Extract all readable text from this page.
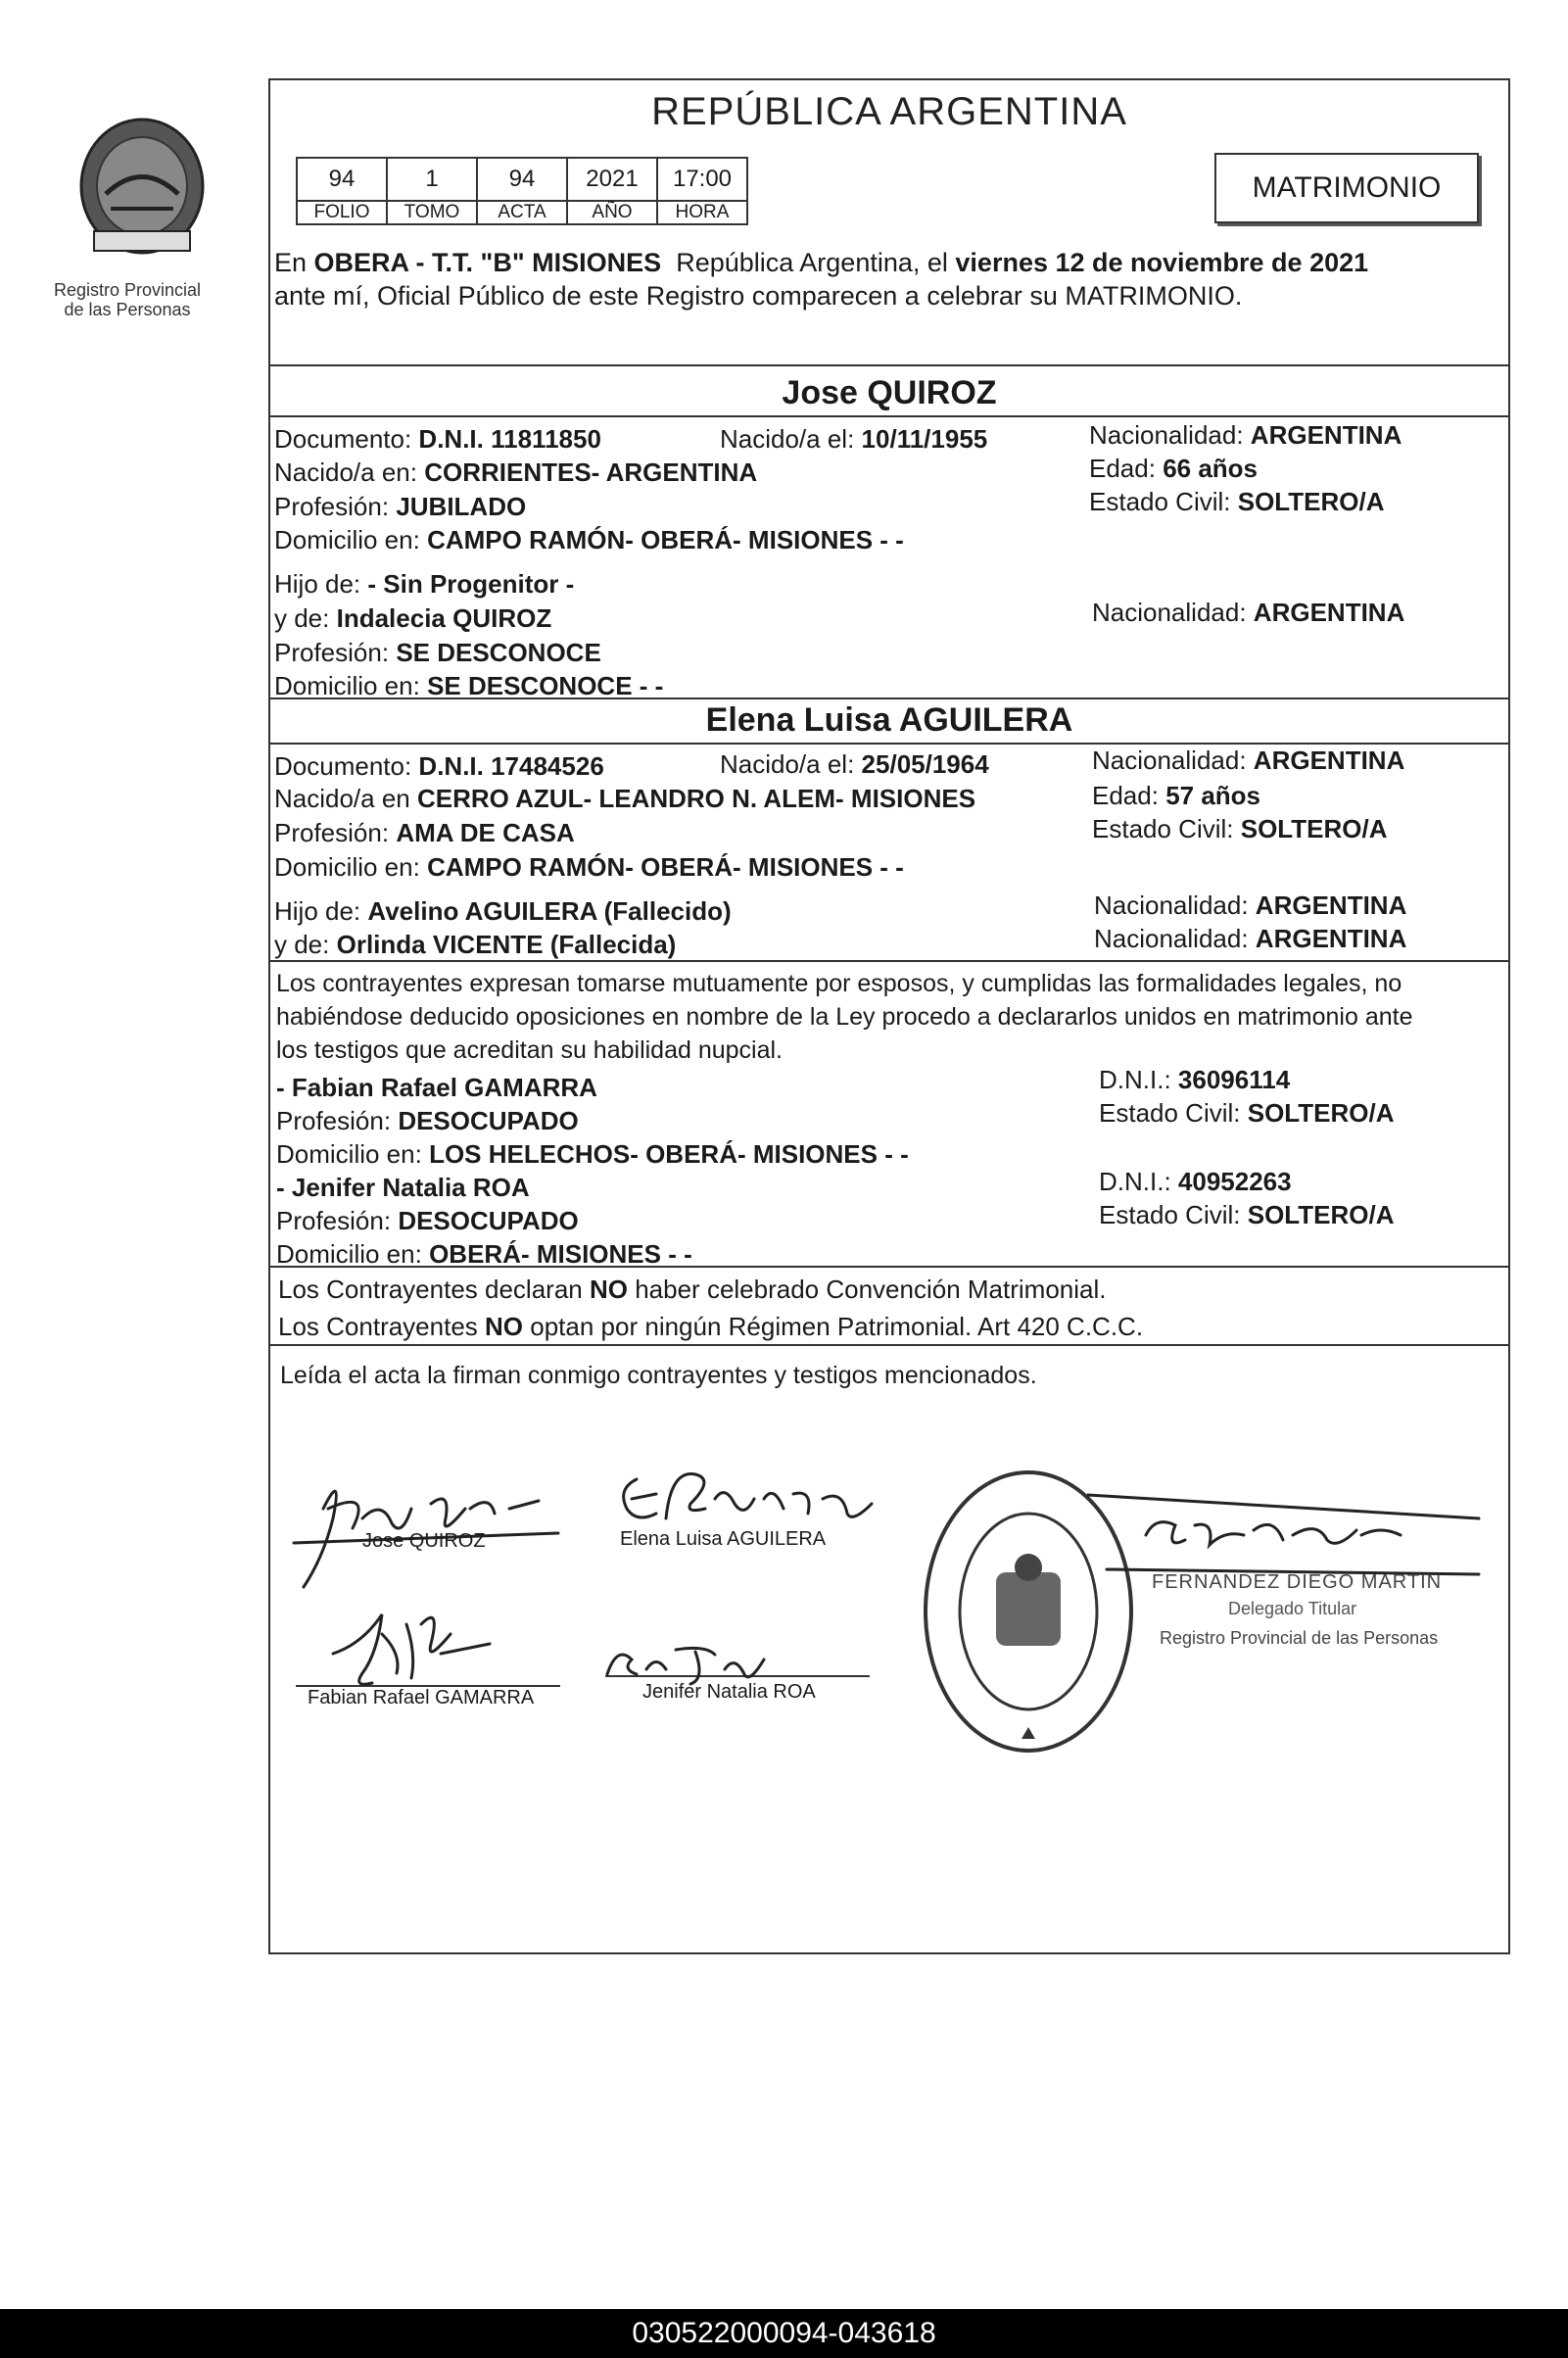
Registro Provincial
de las Personas
REPÚBLICA ARGENTINA
94	1	94	2021	17:00
FOLIO	TOMO	ACTA	AÑO	HORA
MATRIMONIO
En OBERA - T.T. "B" MISIONES República Argentina, el viernes 12 de noviembre de 2021
ante mí, Oficial Público de este Registro comparecen a celebrar su MATRIMONIO.
Jose QUIROZ
Documento: D.N.I. 11811850	Nacido/a el: 10/11/1955	Nacionalidad: ARGENTINA
Nacido/a en: CORRIENTES- ARGENTINA	Edad: 66 años
Profesión: JUBILADO	Estado Civil: SOLTERO/A
Domicilio en: CAMPO RAMÓN- OBERÁ- MISIONES - -
Hijo de: - Sin Progenitor -
y de: Indalecia QUIROZ	Nacionalidad: ARGENTINA
Profesión: SE DESCONOCE
Domicilio en: SE DESCONOCE - -
Elena Luisa AGUILERA
Documento: D.N.I. 17484526	Nacido/a el: 25/05/1964	Nacionalidad: ARGENTINA
Nacido/a en CERRO AZUL- LEANDRO N. ALEM- MISIONES	Edad: 57 años
Profesión: AMA DE CASA	Estado Civil: SOLTERO/A
Domicilio en: CAMPO RAMÓN- OBERÁ- MISIONES - -
Hijo de: Avelino AGUILERA (Fallecido)	Nacionalidad: ARGENTINA
y de: Orlinda VICENTE (Fallecida)	Nacionalidad: ARGENTINA
Los contrayentes expresan tomarse mutuamente por esposos, y cumplidas las formalidades legales, no
habiéndose deducido oposiciones en nombre de la Ley procedo a declararlos unidos en matrimonio ante
los testigos que acreditan su habilidad nupcial.
- Fabian Rafael GAMARRA	D.N.I.: 36096114
Profesión: DESOCUPADO	Estado Civil: SOLTERO/A
Domicilio en: LOS HELECHOS- OBERÁ- MISIONES - -
- Jenifer Natalia ROA	D.N.I.: 40952263
Profesión: DESOCUPADO	Estado Civil: SOLTERO/A
Domicilio en: OBERÁ- MISIONES - -
Los Contrayentes declaran NO haber celebrado Convención Matrimonial.
Los Contrayentes NO optan por ningún Régimen Patrimonial. Art 420 C.C.C.
Leída el acta la firman conmigo contrayentes y testigos mencionados.
Jose QUIROZ	Elena Luisa AGUILERA
Fabian Rafael GAMARRA	Jenifer Natalia ROA
FERNANDEZ DIEGO MARTIN
Delegado Titular
Registro Provincial de las Personas
030522000094-043618
